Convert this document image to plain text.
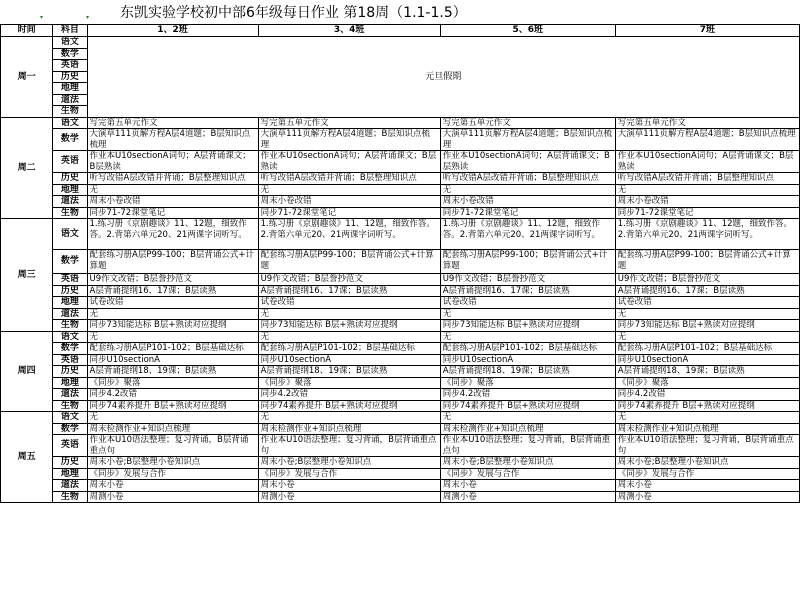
东凯实验学校初中部6年级每日作业 第18周（1.1-1.5）
▾	▾
时间	科目	1、2班	3、4班	5、6班	7班
周一	语文	元旦假期			
	数学				
	英语				
	历史				
	地理				
	道法				
	生物				
周二	语文	写完第五单元作文	写完第五单元作文	写完第五单元作文	写完第五单元作文
	数学	大演草111页解方程A层4道题；B层知识点梳理	大演草111页解方程A层4道题；B层知识点梳理	大演草111页解方程A层4道题；B层知识点梳理	大演草111页解方程A层4道题；B层知识点梳理
	英语	作业本U10sectionA词句；A层背诵课文；B层熟读	作业本U10sectionA词句；A层背诵课文；B层熟读	作业本U10sectionA词句；A层背诵课文；B层熟读	作业本U10sectionA词句；A层背诵课文；B层熟读
	历史	听写改错A层改错并背诵；B层整理知识点	听写改错A层改错并背诵；B层整理知识点	听写改错A层改错并背诵；B层整理知识点	听写改错A层改错并背诵；B层整理知识点
	地理	无	无	无	无
	道法	周末小卷改错	周末小卷改错	周末小卷改错	周末小卷改错
	生物	同步71-72课堂笔记	同步71-72课堂笔记	同步71-72课堂笔记	同步71-72课堂笔记
周三	语文	1.练习册《京剧趣谈》11、12题，细致作答。2.背第六单元20、21两课字词听写。	1.练习册《京剧趣谈》11、12题，细致作答。2.背第六单元20、21两课字词听写。	1.练习册《京剧趣谈》11、12题，细致作答。2.背第六单元20、21两课字词听写。	1.练习册《京剧趣谈》11、12题，细致作答。2.背第六单元20、21两课字词听写。
	数学	配套练习册A层P99-100；B层背诵公式+计算题	配套练习册A层P99-100；B层背诵公式+计算题	配套练习册A层P99-100；B层背诵公式+计算题	配套练习册A层P99-100；B层背诵公式+计算题
	英语	U9作文改错；B层誊抄范文	U9作文改错；B层誊抄范文	U9作文改错；B层誊抄范文	U9作文改错；B层誊抄范文
	历史	A层背诵提纲16、17课；B层读熟	A层背诵提纲16、17课；B层读熟	A层背诵提纲16、17课；B层读熟	A层背诵提纲16、17课；B层读熟
	地理	试卷改错	试卷改错	试卷改错	试卷改错
	道法	无	无	无	无
	生物	同步73知能达标 B层+熟读对应提纲	同步73知能达标 B层+熟读对应提纲	同步73知能达标 B层+熟读对应提纲	同步73知能达标 B层+熟读对应提纲
周四	语文	无	无	无	无
	数学	配套练习册A层P101-102；B层基础达标	配套练习册A层P101-102；B层基础达标	配套练习册A层P101-102；B层基础达标	配套练习册A层P101-102；B层基础达标
	英语	同步U10sectionA	同步U10sectionA	同步U10sectionA	同步U10sectionA
	历史	A层背诵提纲18、19课；B层读熟	A层背诵提纲18、19课；B层读熟	A层背诵提纲18、19课；B层读熟	A层背诵提纲18、19课；B层读熟
	地理	《同步》聚落	《同步》聚落	《同步》聚落	《同步》聚落
	道法	同步4.2改错	同步4.2改错	同步4.2改错	同步4.2改错
	生物	同步74素养提升 B层+熟读对应提纲	同步74素养提升 B层+熟读对应提纲	同步74素养提升 B层+熟读对应提纲	同步74素养提升 B层+熟读对应提纲
周五	语文	无	无	无	无
	数学	周末检测作业+知识点梳理	周末检测作业+知识点梳理	周末检测作业+知识点梳理	周末检测作业+知识点梳理
	英语	作业本U10语法整理；复习背诵，B层背诵重点句	作业本U10语法整理；复习背诵，B层背诵重点句	作业本U10语法整理；复习背诵，B层背诵重点句	作业本U10语法整理；复习背诵，B层背诵重点句
	历史	周末小卷;B层整理小卷知识点	周末小卷;B层整理小卷知识点	周末小卷;B层整理小卷知识点	周末小卷;B层整理小卷知识点
	地理	《同步》发展与合作	《同步》发展与合作	《同步》发展与合作	《同步》发展与合作
	道法	周末小卷	周末小卷	周末小卷	周末小卷
	生物	周测小卷	周测小卷	周测小卷	周测小卷
